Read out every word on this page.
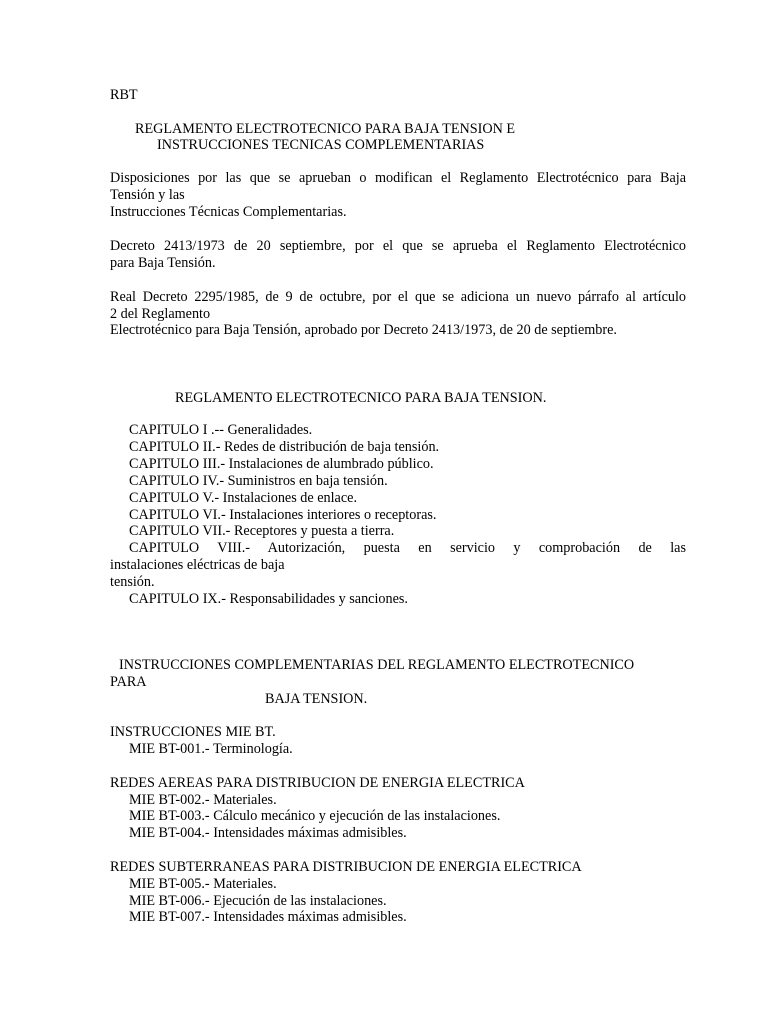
RBT

REGLAMENTO ELECTROTECNICO PARA BAJA TENSION E

INSTRUCCIONES TECNICAS COMPLEMENTARIAS

Disposiciones por las que se aprueban o modifican el Reglamento Electrotécnico para Baja

Tensión y las

Instrucciones Técnicas Complementarias.

Decreto 2413/1973 de 20 septiembre, por el que se aprueba el Reglamento Electrotécnico

para Baja Tensión.

Real Decreto 2295/1985, de 9 de octubre, por el que se adiciona un nuevo párrafo al artículo

2 del Reglamento

Electrotécnico para Baja Tensión, aprobado por Decreto 2413/1973, de 20 de septiembre.

REGLAMENTO ELECTROTECNICO PARA BAJA TENSION.

CAPITULO I .-- Generalidades.

CAPITULO II.- Redes de distribución de baja tensión.

CAPITULO III.- Instalaciones de alumbrado público.

CAPITULO IV.- Suministros en baja tensión.

CAPITULO V.- Instalaciones de enlace.

CAPITULO VI.- Instalaciones interiores o receptoras.

CAPITULO VII.- Receptores y puesta a tierra.

CAPITULO VIII.- Autorización, puesta en servicio y comprobación de las

instalaciones eléctricas de baja

tensión.

CAPITULO IX.- Responsabilidades y sanciones.

INSTRUCCIONES COMPLEMENTARIAS DEL REGLAMENTO ELECTROTECNICO

PARA

BAJA TENSION.

INSTRUCCIONES MIE BT.

MIE BT-001.- Terminología.

REDES AEREAS PARA DISTRIBUCION DE ENERGIA ELECTRICA

MIE BT-002.- Materiales.

MIE BT-003.- Cálculo mecánico y ejecución de las instalaciones.

MIE BT-004.- Intensidades máximas admisibles.

REDES SUBTERRANEAS PARA DISTRIBUCION DE ENERGIA ELECTRICA

MIE BT-005.- Materiales.

MIE BT-006.- Ejecución de las instalaciones.

MIE BT-007.- Intensidades máximas admisibles.
